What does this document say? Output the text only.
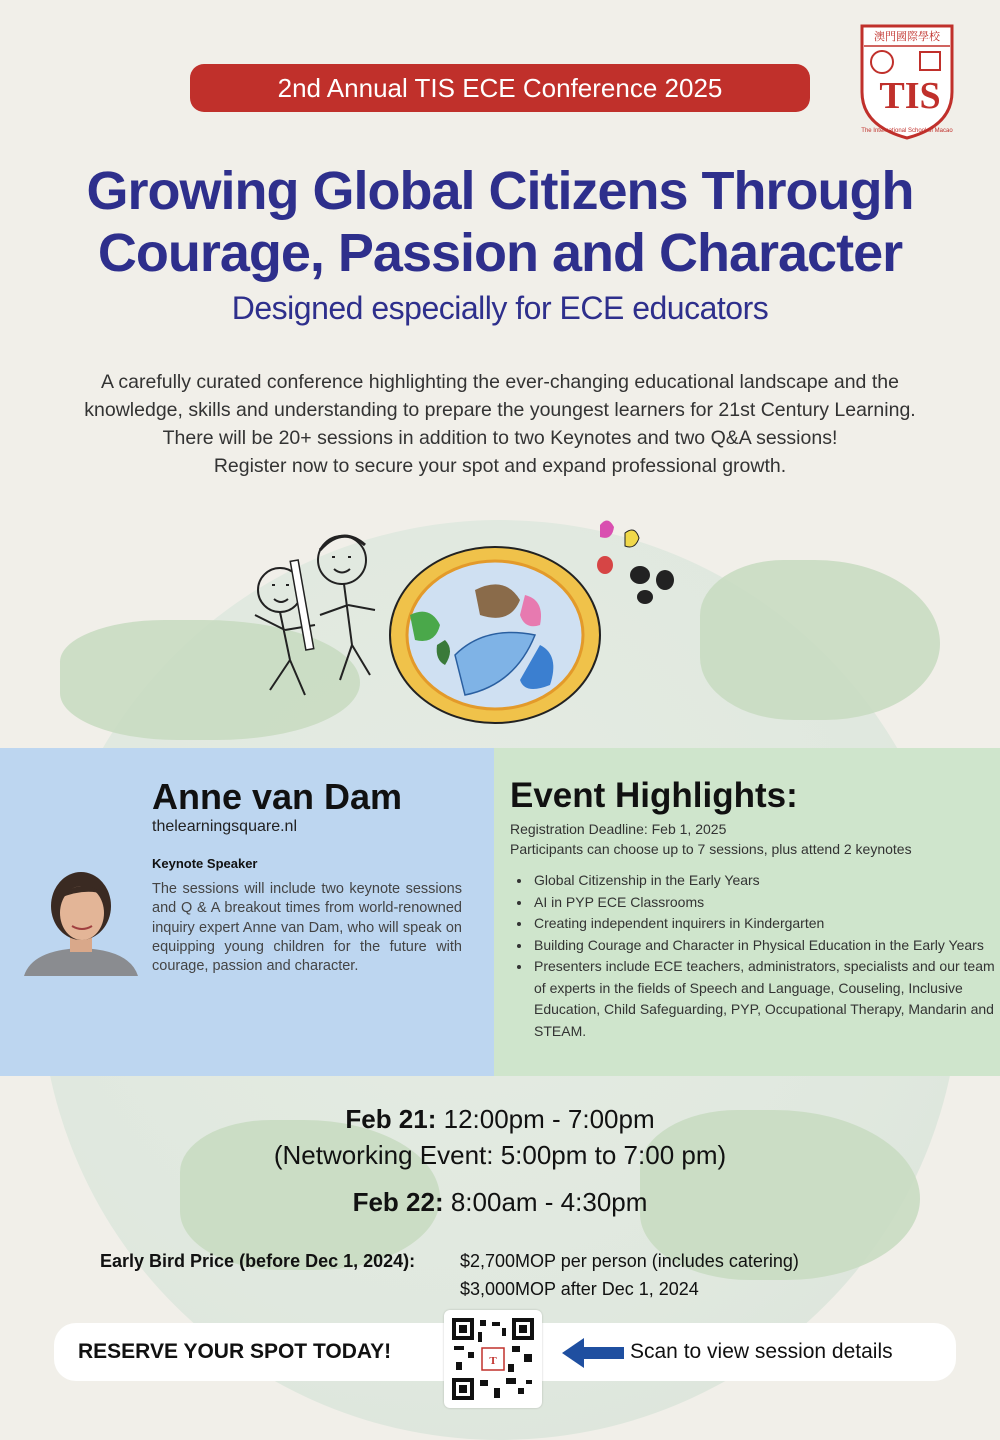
2nd Annual TIS ECE Conference 2025
澳門國際學校
TIS
The International School of Macao
Growing Global Citizens Through
Courage, Passion and Character
Designed especially for ECE educators
A carefully curated conference highlighting the ever-changing educational landscape and the
knowledge, skills and understanding to prepare the youngest learners for 21st Century Learning.
There will be 20+ sessions in addition to two Keynotes and two Q&A sessions!
Register now to secure your spot and expand professional growth.
Anne van Dam
thelearningsquare.nl
Keynote Speaker
The sessions will include two keynote sessions and Q & A breakout times from world-renowned inquiry expert Anne van Dam, who will speak on equipping young children for the future with courage, passion and character.
Event Highlights:
Registration Deadline: Feb 1, 2025
Participants can choose up to 7 sessions, plus attend 2 keynotes
• Global Citizenship in the Early Years
• AI in PYP ECE Classrooms
• Creating independent inquirers in Kindergarten
• Building Courage and Character in Physical Education in the Early Years
• Presenters include ECE teachers, administrators, specialists and our team of experts in the fields of Speech and Language, Couseling, Inclusive Education, Child Safeguarding, PYP, Occupational Therapy, Mandarin and STEAM.
Feb 21: 12:00pm - 7:00pm
(Networking Event: 5:00pm to 7:00 pm)
Feb 22: 8:00am - 4:30pm
Early Bird Price (before Dec 1, 2024): $2,700MOP per person (includes catering)
$3,000MOP after Dec 1, 2024
RESERVE YOUR SPOT TODAY!	T	Scan to view session details
